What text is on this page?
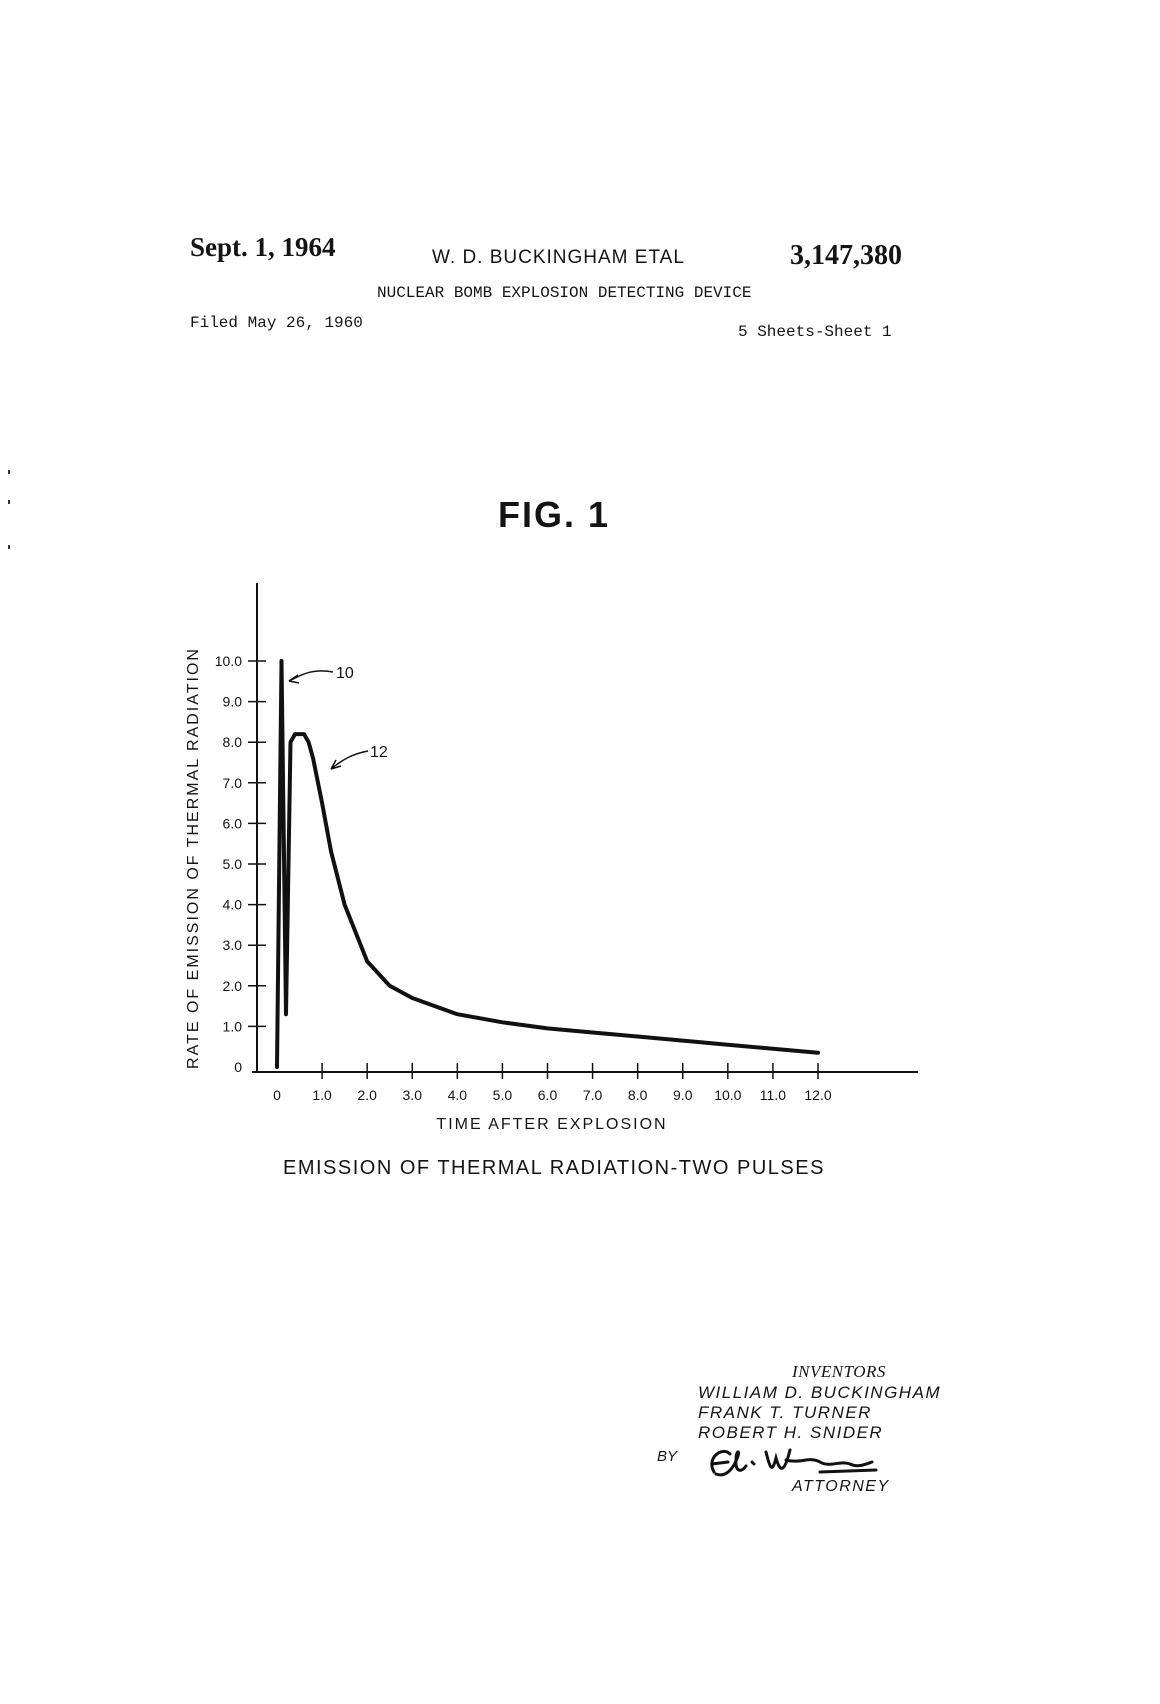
Sept. 1, 1964	W. D. BUCKINGHAM ETAL	3,147,380
NUCLEAR BOMB EXPLOSION DETECTING DEVICE
Filed May 26, 1960	5 Sheets-Sheet 1
FIG. 1
TIME AFTER EXPLOSION
RATE OF EMISSION OF THERMAL RADIATION
0 1.0 2.0 3.0 4.0 5.0 6.0 7.0 8.0 9.0 10.0 11.0 12.0
0
1.0
2.0
3.0
4.0
5.0
6.0
7.0
8.0
9.0
10.0
10
12
EMISSION OF THERMAL RADIATION-TWO PULSES
INVENTORS
WILLIAM D. BUCKINGHAM
FRANK T. TURNER
ROBERT H. SNIDER
BY
ATTORNEY
